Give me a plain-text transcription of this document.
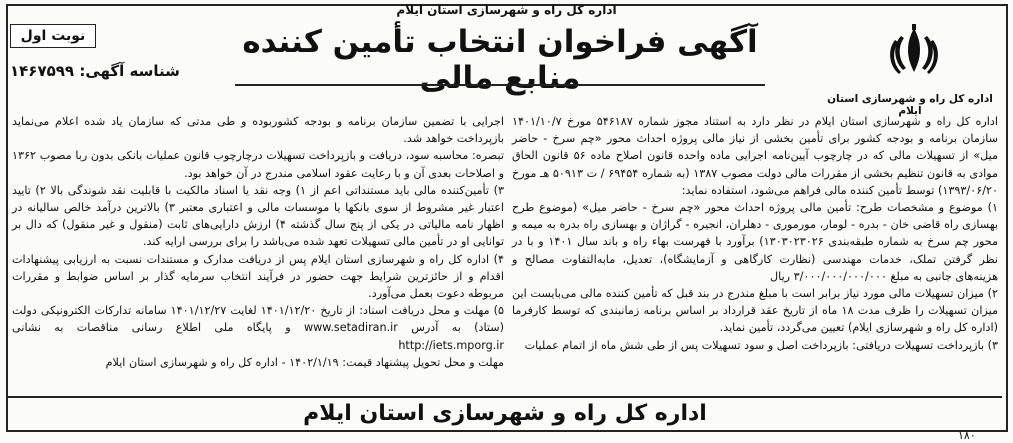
اداره کل راه و شهرسازی استان ایلام
آگهی فراخوان انتخاب تأمین کننده منابع مالی
نوبت اول
شناسه آگهی: ۱۴۶۷۵۹۹
اداره کل راه و شهرسازی استان ایلام

اداره کل راه و شهرسازی استان ایلام در نظر دارد به استناد مجوز شماره ۵۴۶۱۸۷ مورخ ۱۴۰۱/۱۰/۷ سازمان برنامه و بودجه کشور برای تأمین بخشی از نیاز مالی پروژه احداث محور «چم سرخ - حاضر میل» از تسهیلات مالی که در چارچوب آیین‌نامه اجرایی ماده واحده قانون اصلاح ماده ۵۶ قانون الحاق موادی به قانون تنظیم بخشی از مقررات مالی دولت مصوب ۱۳۸۷ (به شماره ۶۹۴۵۴ / ت ۵۰۹۱۳ هـ مورخ ۱۳۹۳/۰۶/۲۰) توسط تأمین کننده مالی فراهم می‌شود، استفاده نماید:

۱) موضوع و مشخصات طرح: تأمین مالی پروژه احداث محور «چم سرخ - حاضر میل» (موضوع طرح بهسازی راه قاضی خان - بدره - لومار، مورموری - دهلران، انجیره - گراژان و بهسازی راه بدره به میمه و محور چم سرخ به شماره طبقه‌بندی ۱۳۰۳۰۲۳۰۲۶) برآورد با فهرست بهاء راه و باند سال ۱۴۰۱ و با در نظر گرفتن تملک، خدمات مهندسی (نظارت کارگاهی و آزمایشگاه)، تعدیل، مابه‌التفاوت مصالح و هزینه‌های جانبی به مبلغ ۳/۰۰۰/۰۰۰/۰۰۰/۰۰۰ ریال

۲) میزان تسهیلات مالی مورد نیاز برابر است با مبلغ مندرج در بند قبل که تأمین کننده مالی می‌بایست این میزان تسهیلات را ظرف مدت ۱۸ ماه از تاریخ عقد قرارداد بر اساس برنامه زمانبندی که توسط کارفرما (اداره کل راه و شهرسازی ایلام) تعیین می‌گردد، تأمین نماید.

۳) بازپرداخت تسهیلات دریافتی: بازپرداخت اصل و سود تسهیلات پس از طی شش ماه از اتمام عملیات

اجرایی با تضمین سازمان برنامه و بودجه کشوربوده و طی مدتی که سازمان یاد شده اعلام می‌نماید بازپرداخت خواهد شد.

تبصره: محاسبه سود، دریافت و بازپرداخت تسهیلات درچارچوب قانون عملیات بانکی بدون ربا مصوب ۱۳۶۲ و اصلاحات بعدی آن و با رعایت عقود اسلامی مندرج در آن خواهد بود.

۳) تأمین‌کننده مالی باید مستنداتی اعم از ۱) وجه نقد یا اسناد مالکیت با قابلیت نقد شوندگی بالا ۲) تایید اعتبار غیر مشروط از سوی بانکها یا موسسات مالی و اعتباری معتبر ۳) بالاترین درآمد خالص سالیانه در اظهار نامه مالیاتی در یکی از پنج سال گذشته ۴) ارزش دارایی‌های ثابت (منقول و غیر منقول) که دال بر توانایی او در تأمین مالی تسهیلات تعهد شده می‌باشد را برای بررسی ارایه کند.

۴) اداره کل راه و شهرسازی استان ایلام پس از دریافت مدارک و مستندات نسبت به ارزیابی پیشنهادات اقدام و از حائزترین شرایط جهت حضور در فرآیند انتخاب سرمایه گذار بر اساس ضوابط و مقررات مربوطه دعوت بعمل می‌آورد.

۵) مهلت و محل دریافت اسناد: از تاریخ ۱۴۰۱/۱۲/۲۰ لغایت ۱۴۰۱/۱۲/۲۷ سامانه تدارکات الکترونیکی دولت (ستاد) به آدرس www.setadiran.ir و پایگاه ملی اطلاع رسانی مناقصات به نشانی http://iets.mporg.ir

مهلت و محل تحویل پیشنهاد قیمت: ۱۴۰۲/۱/۱۹ - اداره کل راه و شهرسازی استان ایلام

اداره کل راه و شهرسازی استان ایلام
۱۸۰
